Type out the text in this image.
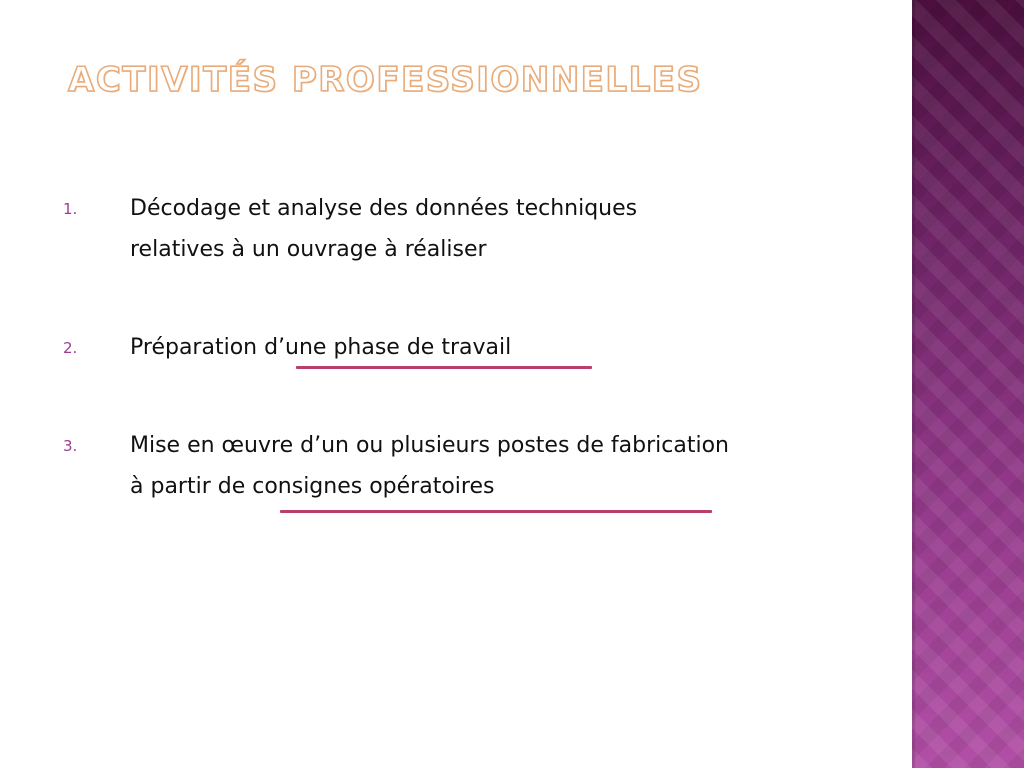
ACTIVITÉS PROFESSIONNELLES
1. Décodage et analyse des données techniques relatives à un ouvrage à réaliser
2. Préparation d’une phase de travail
3. Mise en œuvre d’un ou plusieurs postes de fabrication à partir de consignes opératoires
